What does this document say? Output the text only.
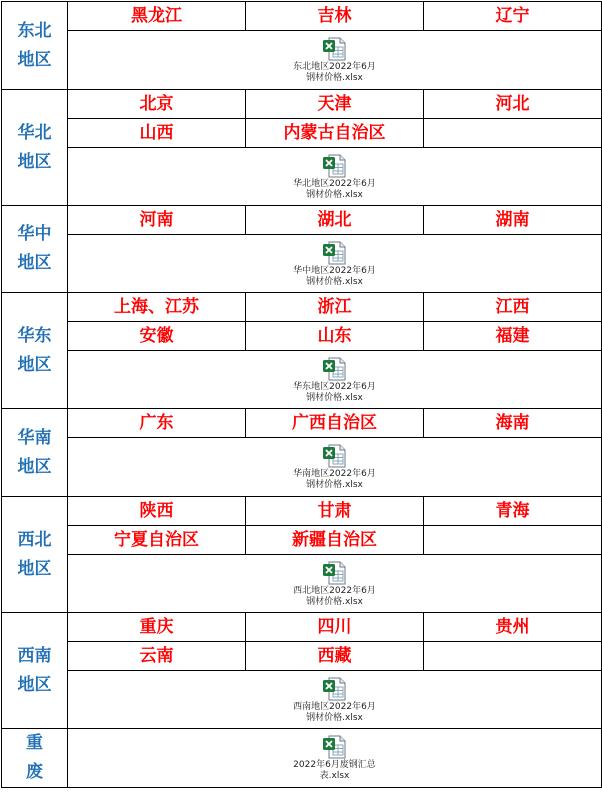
东北
地区	黑龙江	吉林	辽宁

	东北地区2022年6月
钢材价格.xlsx		

华北
地区	北京	天津	河北
	山西	内蒙古自治区	

	华北地区2022年6月
钢材价格.xlsx		

华中
地区	河南	湖北	湖南

	华中地区2022年6月
钢材价格.xlsx		

华东
地区	上海、江苏	浙江	江西
	安徽	山东	福建

	华东地区2022年6月
钢材价格.xlsx		

华南
地区	广东	广西自治区	海南

	华南地区2022年6月
钢材价格.xlsx		

西北
地区	陕西	甘肃	青海
	宁夏自治区	新疆自治区	

	西北地区2022年6月
钢材价格.xlsx		

西南
地区	重庆	四川	贵州
	云南	西藏	

	西南地区2022年6月
钢材价格.xlsx		

重
废	2022年6月废钢汇总
表.xlsx		
